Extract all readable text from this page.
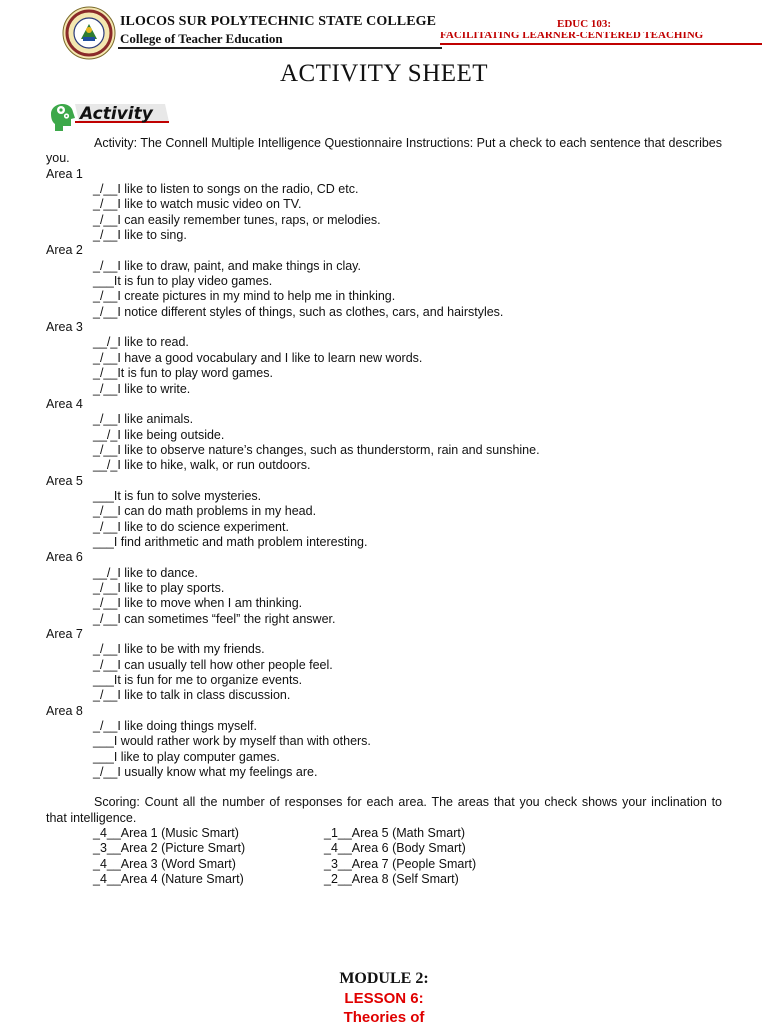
ILOCOS SUR POLYTECHNIC STATE COLLEGE
College of Teacher Education
EDUC 103:
FACILITATING LEARNER-CENTERED TEACHING
ACTIVITY SHEET
Activity

Activity: The Connell Multiple Intelligence Questionnaire Instructions: Put a check to each sentence that describes you.

Area 1

_/__I like to listen to songs on the radio, CD etc.

_/__I like to watch music video on TV.

_/__I can easily remember tunes, raps, or melodies.

_/__I like to sing.

Area 2

_/__I like to draw, paint, and make things in clay.

___It is fun to play video games.

_/__I create pictures in my mind to help me in thinking.

_/__I notice different styles of things, such as clothes, cars, and hairstyles.

Area 3

__/_I like to read.

_/__I have a good vocabulary and I like to learn new words.

_/__It is fun to play word games.

_/__I like to write.

Area 4

_/__I like animals.

__/_I like being outside.

_/__I like to observe nature’s changes, such as thunderstorm, rain and sunshine.

__/_I like to hike, walk, or run outdoors.

Area 5

___It is fun to solve mysteries.

_/__I can do math problems in my head.

_/__I like to do science experiment.

___I find arithmetic and math problem interesting.

Area 6

__/_I like to dance.

_/__I like to play sports.

_/__I like to move when I am thinking.

_/__I can sometimes “feel” the right answer.

Area 7

_/__I like to be with my friends.

_/__I can usually tell how other people feel.

___It is fun for me to organize events.

_/__I like to talk in class discussion.

Area 8

_/__I like doing things myself.

___I would rather work by myself than with others.

___I like to play computer games.

_/__I usually know what my feelings are.

Scoring: Count all the number of responses for each area. The areas that you check shows your inclination to that intelligence.

_4__Area 1 (Music Smart)
_3__Area 2 (Picture Smart)
_4__Area 3 (Word Smart)
_4__Area 4 (Nature Smart)
_1__Area 5 (Math Smart)
_4__Area 6 (Body Smart)
_3__Area 7 (People Smart)
_2__Area 8 (Self Smart)
MODULE 2:
LESSON 6:
Theories of
